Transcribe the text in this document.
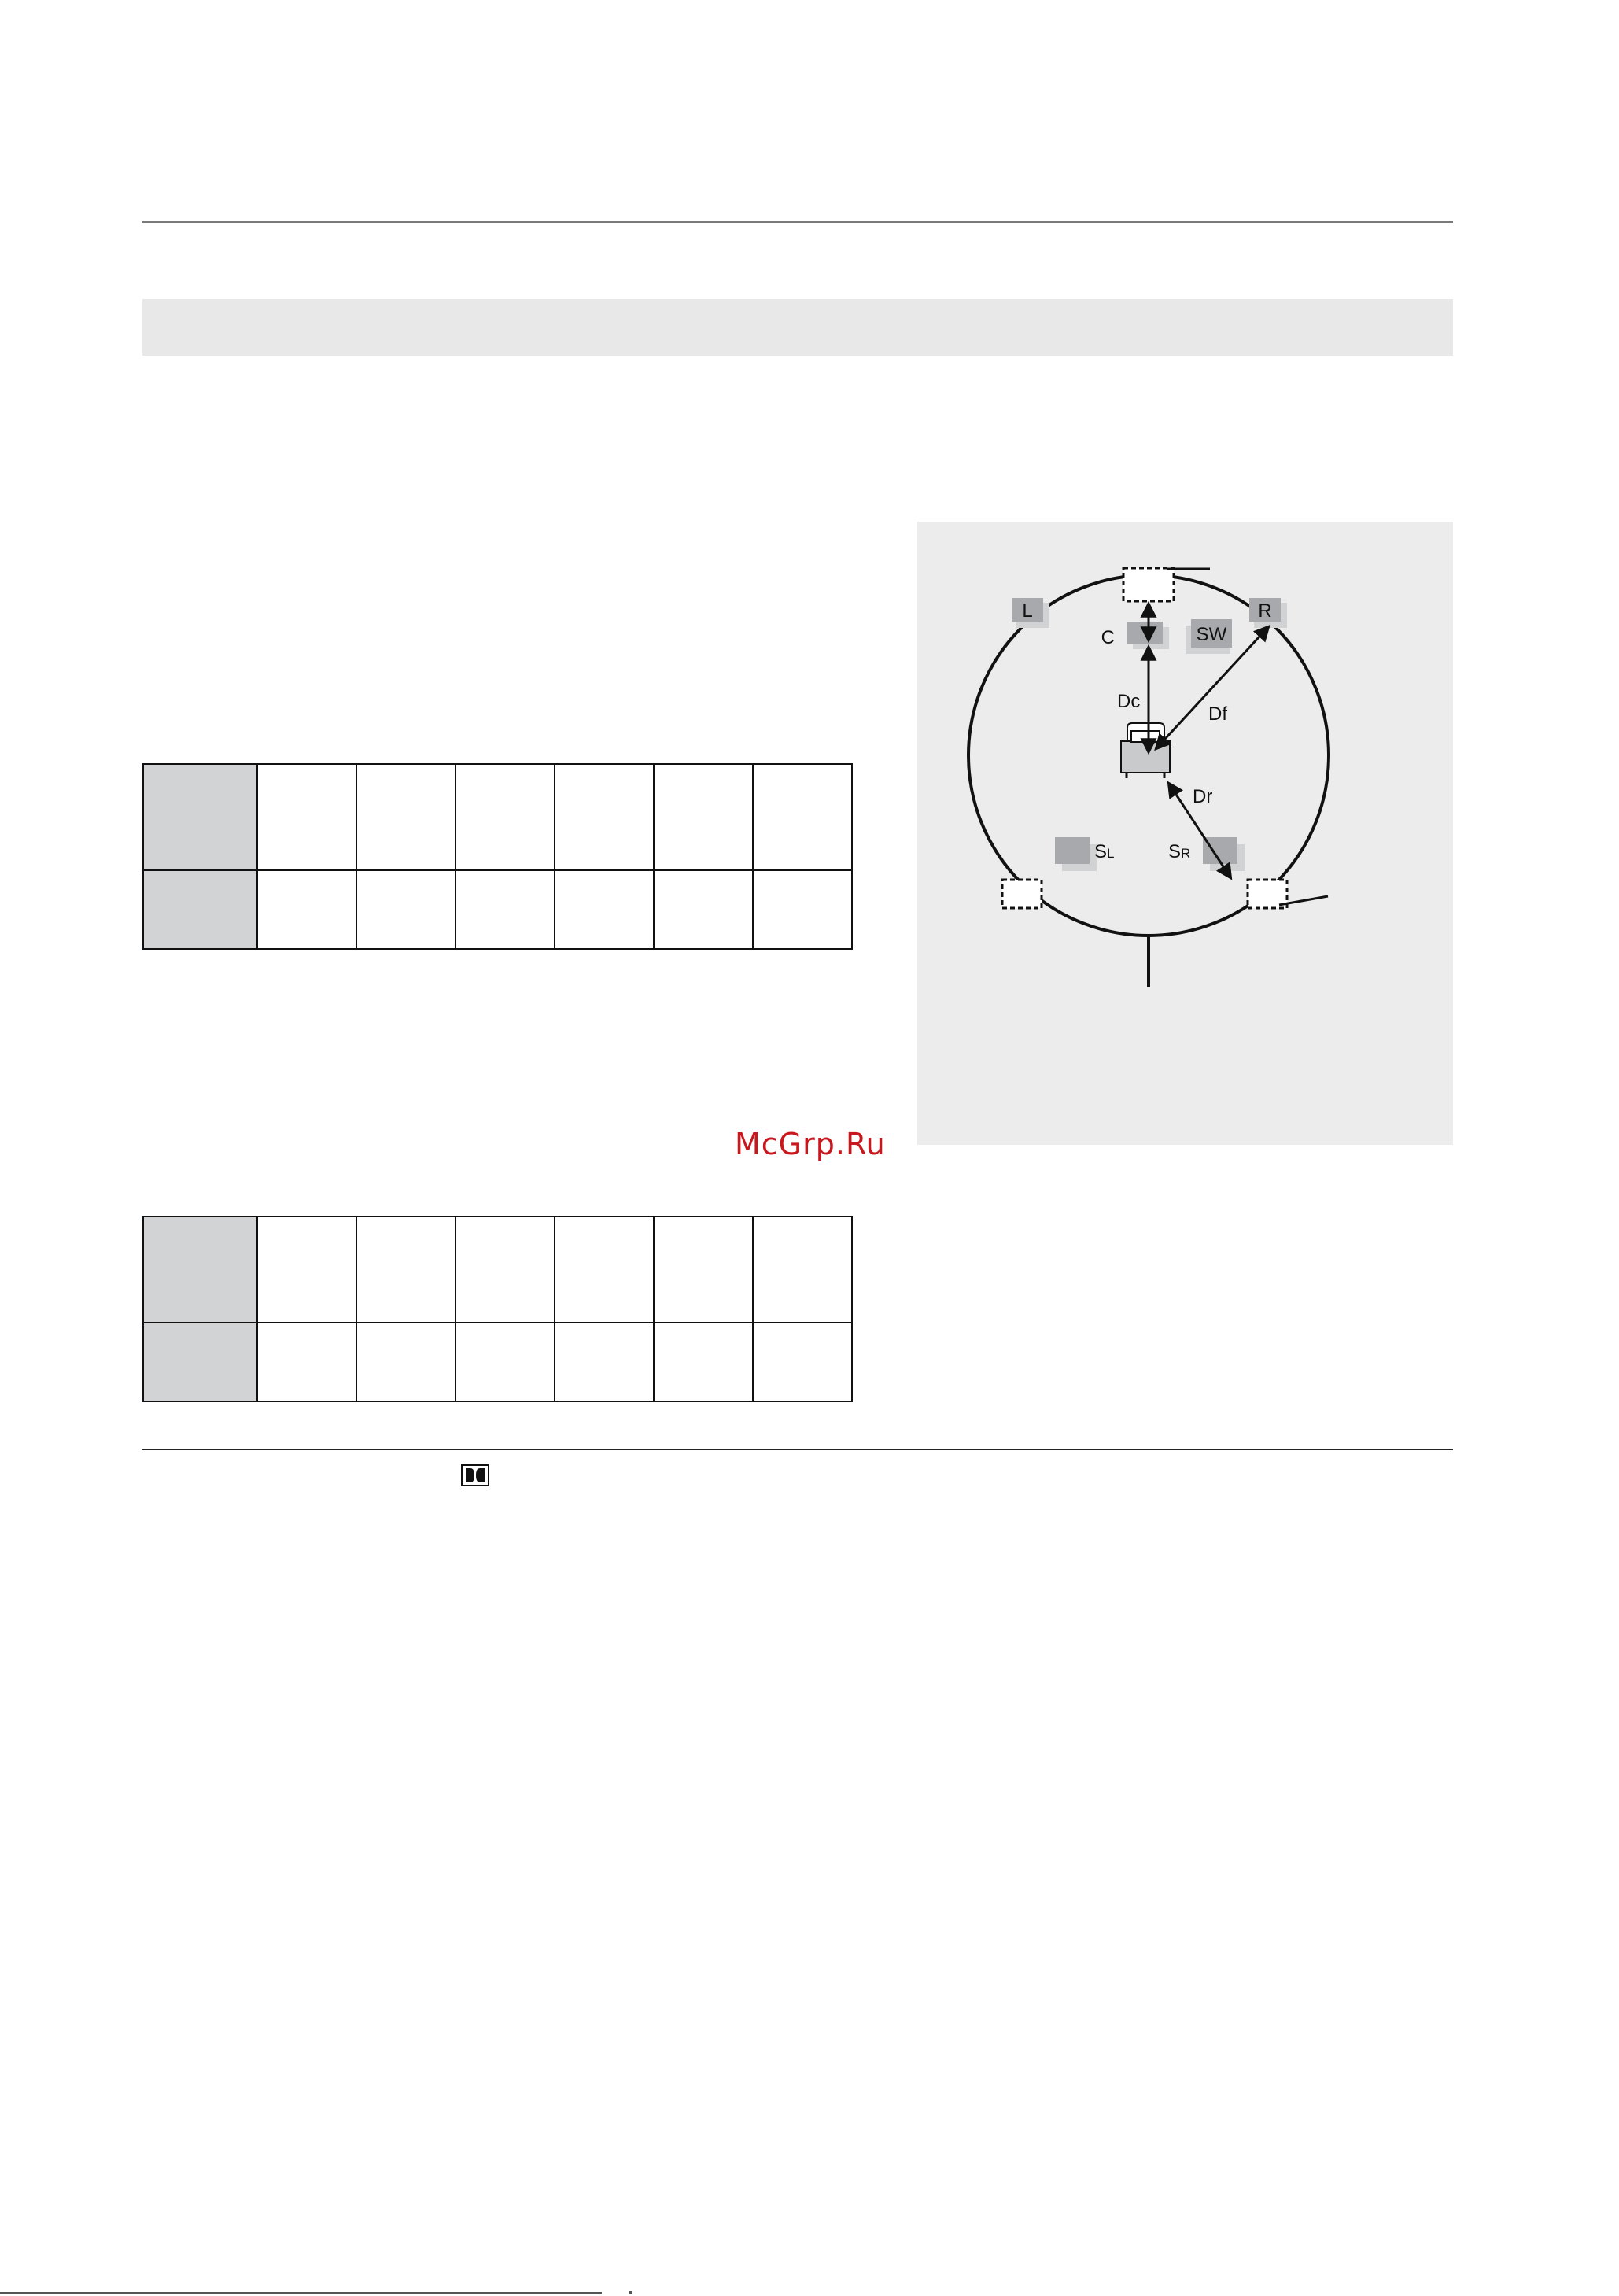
L
C	SW
R
SL	SR
Dc
Df
Dr
McGrp.Ru
